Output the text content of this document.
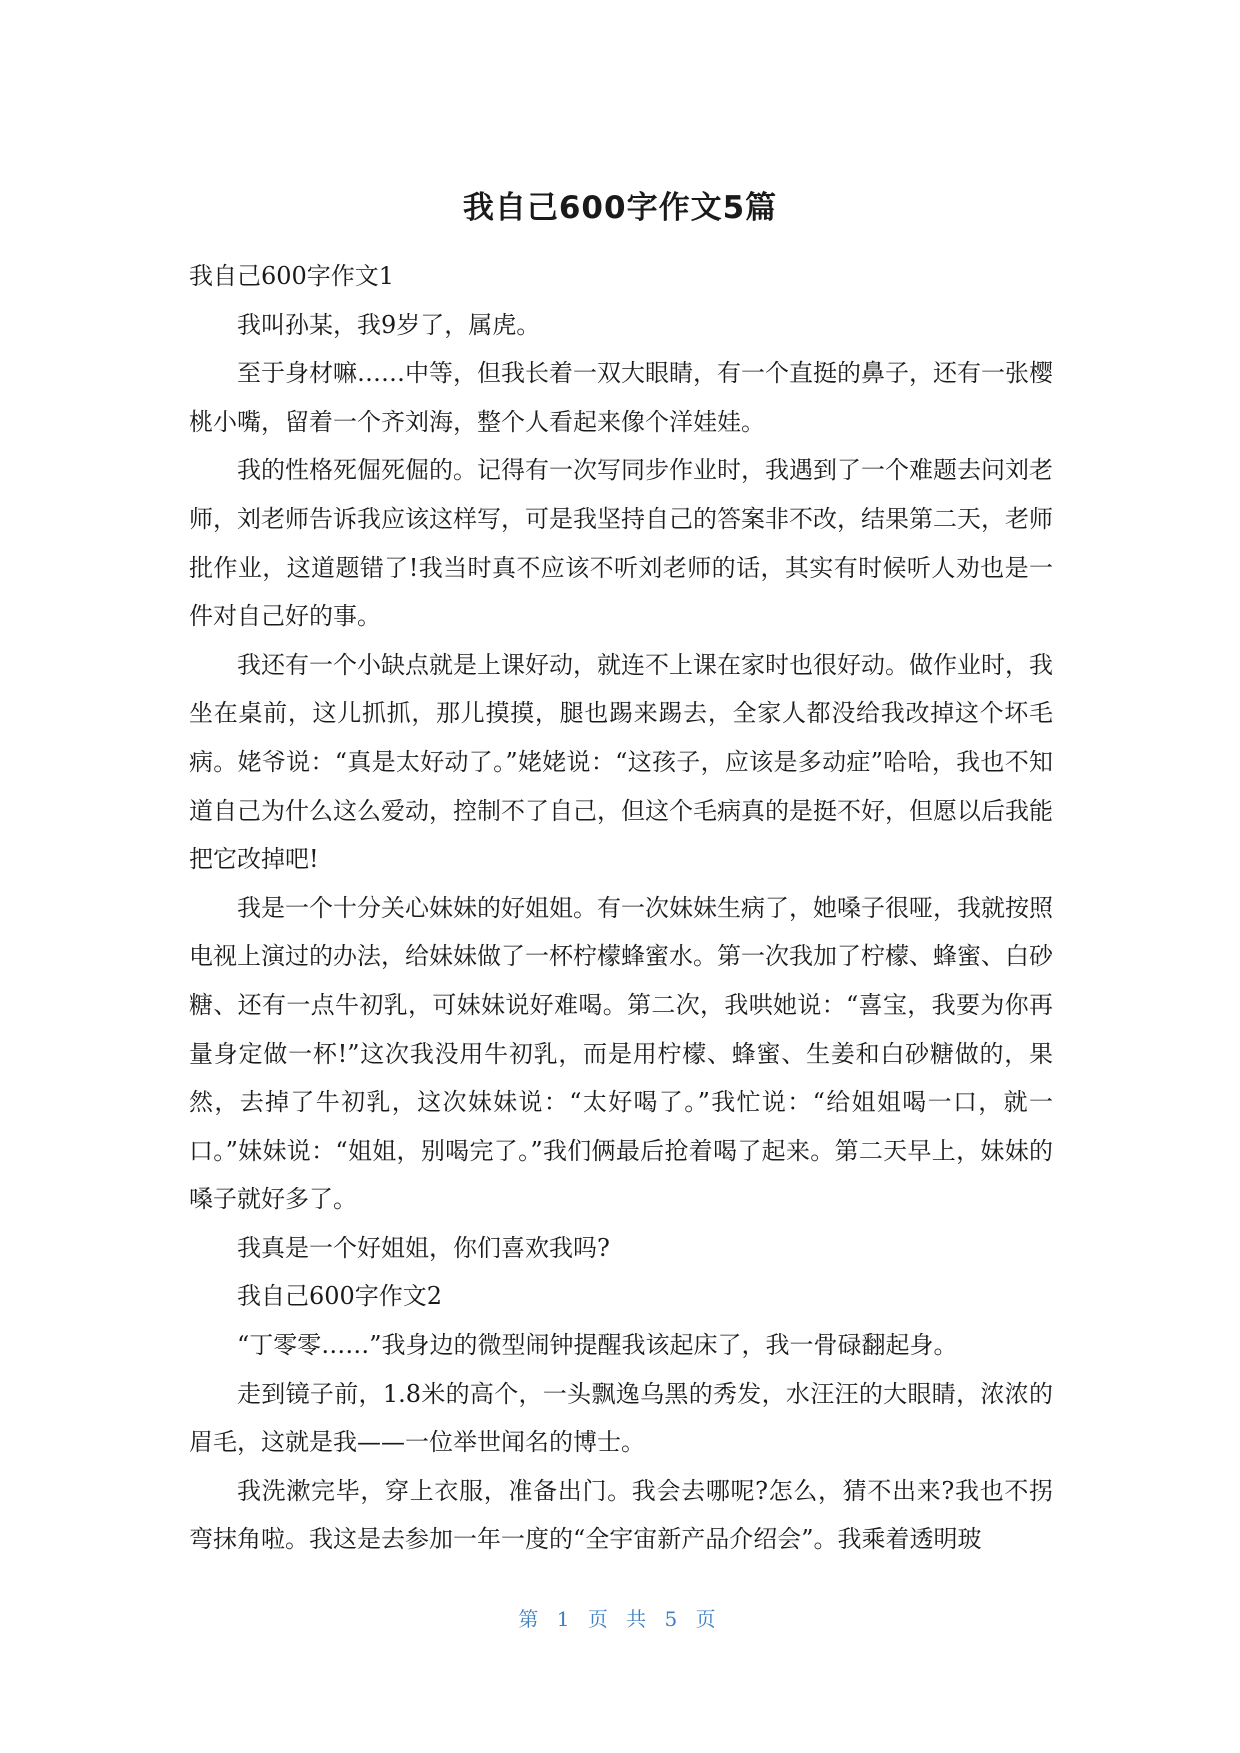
我自己600字作文5篇

我自己600字作文1

我叫孙某，我9岁了，属虎。

至于身材嘛……中等，但我长着一双大眼睛，有一个直挺的鼻子，还有一张樱桃小嘴，留着一个齐刘海，整个人看起来像个洋娃娃。

我的性格死倔死倔的。记得有一次写同步作业时，我遇到了一个难题去问刘老师，刘老师告诉我应该这样写，可是我坚持自己的答案非不改，结果第二天，老师批作业，这道题错了!我当时真不应该不听刘老师的话，其实有时候听人劝也是一件对自己好的事。

我还有一个小缺点就是上课好动，就连不上课在家时也很好动。做作业时，我坐在桌前，这儿抓抓，那儿摸摸，腿也踢来踢去，全家人都没给我改掉这个坏毛病。姥爷说：“真是太好动了。”姥姥说：“这孩子，应该是多动症”哈哈，我也不知道自己为什么这么爱动，控制不了自己，但这个毛病真的是挺不好，但愿以后我能把它改掉吧!

我是一个十分关心妹妹的好姐姐。有一次妹妹生病了，她嗓子很哑，我就按照电视上演过的办法，给妹妹做了一杯柠檬蜂蜜水。第一次我加了柠檬、蜂蜜、白砂糖、还有一点牛初乳，可妹妹说好难喝。第二次，我哄她说：“喜宝，我要为你再量身定做一杯!”这次我没用牛初乳，而是用柠檬、蜂蜜、生姜和白砂糖做的，果然，去掉了牛初乳，这次妹妹说：“太好喝了。”我忙说：“给姐姐喝一口，就一口。”妹妹说：“姐姐，别喝完了。”我们俩最后抢着喝了起来。第二天早上，妹妹的嗓子就好多了。

我真是一个好姐姐，你们喜欢我吗?

我自己600字作文2

“丁零零……”我身边的微型闹钟提醒我该起床了，我一骨碌翻起身。

走到镜子前，1.8米的高个，一头飘逸乌黑的秀发，水汪汪的大眼睛，浓浓的眉毛，这就是我——一位举世闻名的博士。

我洗漱完毕，穿上衣服，准备出门。我会去哪呢?怎么，猜不出来?我也不拐弯抹角啦。我这是去参加一年一度的“全宇宙新产品介绍会”。我乘着透明玻

第 1 页 共 5 页
